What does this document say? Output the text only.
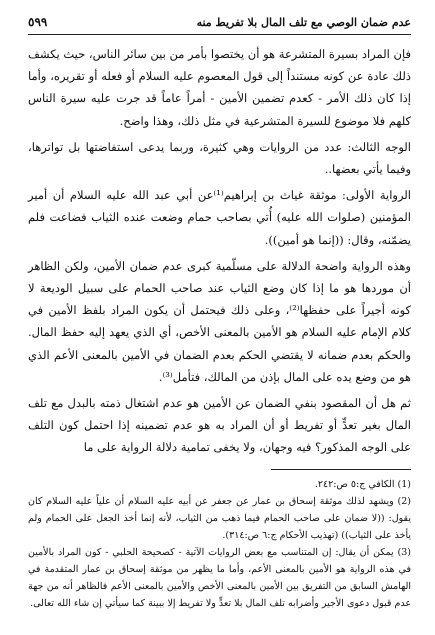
عدم ضمان الوصي مع تلف المال بلا تفريط منه
٥٩٩

فإن المراد بسيرة المتشرعة هو أن يختصوا بأمر من بين سائر الناس، حيث يكشف ذلك عادة عن كونه مستنداً إلى قول المعصوم عليه السلام أو فعله أو تقريره، وأما إذا كان ذلك الأمر - كعدم تضمين الأمين - أمراً عاماً قد جرت عليه سيرة الناس كلهم فلا موضوع للسيرة المتشرعية في مثل ذلك، وهذا واضح.

الوجه الثالث: عدد من الروايات وهي كثيرة، وربما يدعى استفاضتها بل تواترها، وفيما يأتي بعضها..

الرواية الأولى: موثقة غياث بن إبراهيم⁽¹⁾عن أبي عبد الله عليه السلام أن أمير المؤمنين (صلوات الله عليه) أُتي بصاحب حمام وضعت عنده الثياب فضاعت فلم يضمّنه، وقال: ((إنما هو أمين)).

وهذه الرواية واضحة الدلالة على مسلّمية كبرى عدم ضمان الأمين، ولكن الظاهر أن موردها هو ما إذا كان وضع الثياب عند صاحب الحمام على سبيل الوديعة لا كونه أجيراً على حفظها⁽²⁾، وعلى ذلك فيحتمل أن يكون المراد بلفظ الأمين في كلام الإمام عليه السلام هو الأمين بالمعنى الأخص، أي الذي يعهد إليه حفظ المال. والحكم بعدم ضمانه لا يقتضي الحكم بعدم الضمان في الأمين بالمعنى الأعم الذي هو من وضع يده على المال بإذن من المالك، فتأمل⁽³⁾.

ثم هل أن المقصود بنفي الضمان عن الأمين هو عدم اشتغال ذمته بالبدل مع تلف المال بغير تعدٍّ أو تفريط أو أن المراد به هو عدم تضمينه إذا احتمل كون التلف على الوجه المذكور؟ فيه وجهان، ولا يخفى تمامية دلالة الرواية على ما

(1) الكافي ج:٥ ص:٢٤٢.

(2) ويشهد لذلك موثقة إسحاق بن عمار عن جعفر عن أبيه عليه السلام أن علياً عليه السلام كان يقول: ((لا ضمان على صاحب الحمام فيما ذهب من الثياب، لأنه إنما أخذ الجعل على الحمام ولم يأخذ على الثياب)) (تهذيب الأحكام ج:٦ ص:٣١٤).

(3) يمكن أن يقال: إن المتناسب مع بعض الروايات الآتية - كصحيحة الحلبي - كون المراد بالأمين في هذه الرواية هو الأمين بالمعنى الأعم، وأما ما يظهر من موثقة إسحاق بن عمار المتقدمة في الهامش السابق من التفريق بين الأمين بالمعنى الأخص والأمين بالمعنى الأعم فالظاهر أنه من جهة عدم قبول دعوى الأجير وأضرابه تلف المال بلا تعدٍّ ولا تفريط إلا ببينة كما سيأتي إن شاء الله تعالى.
